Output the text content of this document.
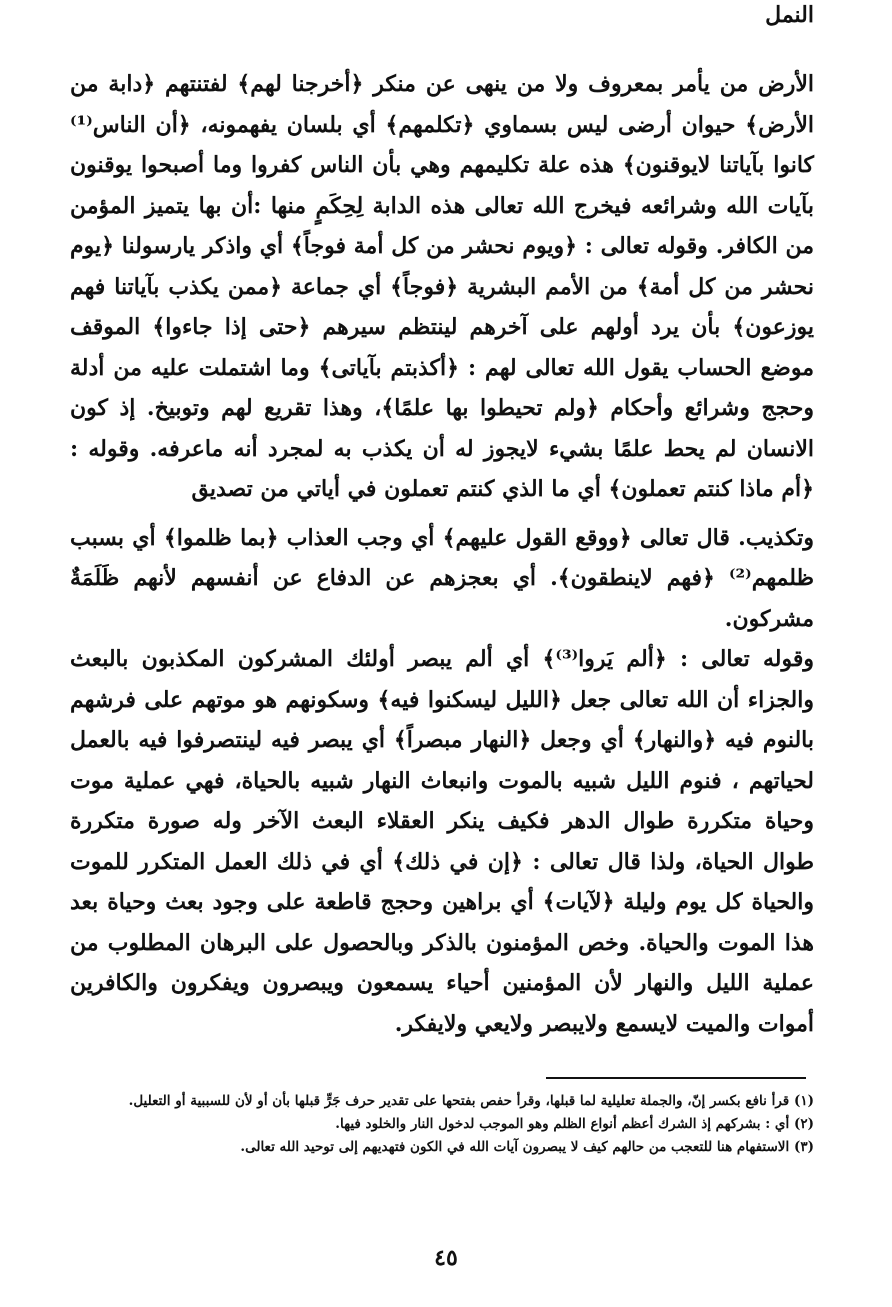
النمل

الأرض من يأمر بمعروف ولا من ينهى عن منكر ﴿أخرجنا لهم﴾ لفتنتهم ﴿دابة من الأرض﴾ حيوان أرضى ليس بسماوي ﴿تكلمهم﴾ أي بلسان يفهمونه، ﴿أن الناس⁽¹⁾ كانوا بآياتنا لايوقنون﴾ هذه علة تكليمهم وهي بأن الناس كفروا وما أصبحوا يوقنون بآيات الله وشرائعه فيخرج الله تعالى هذه الدابة لِحِكَمٍ منها :أن بها يتميز المؤمن من الكافر. وقوله تعالى : ﴿ويوم نحشر من كل أمة فوجاً﴾ أي واذكر يارسولنا ﴿يوم نحشر من كل أمة﴾ من الأمم البشرية ﴿فوجاً﴾ أي جماعة ﴿ممن يكذب بآياتنا فهم يوزعون﴾ بأن يرد أولهم على آخرهم لينتظم سيرهم ﴿حتى إذا جاءوا﴾ الموقف موضع الحساب يقول الله تعالى لهم : ﴿أكذبتم بآياتى﴾ وما اشتملت عليه من أدلة وحجج وشرائع وأحكام ﴿ولم تحيطوا بها علمًا﴾، وهذا تقريع لهم وتوبيخ. إذ كون الانسان لم يحط علمًا بشيء لايجوز له أن يكذب به لمجرد أنه ماعرفه. وقوله : ﴿أم ماذا كنتم تعملون﴾ أي ما الذي كنتم تعملون في أياتي من تصديق

وتكذيب. قال تعالى ﴿ووقع القول عليهم﴾ أي وجب العذاب ﴿بما ظلموا﴾ أي بسبب ظلمهم⁽²⁾ ﴿فهم لاينطقون﴾. أي بعجزهم عن الدفاع عن أنفسهم لأنهم ظَلَمَةٌ مشركون.

وقوله تعالى : ﴿ألم يَروا⁽³⁾﴾ أي ألم يبصر أولئك المشركون المكذبون بالبعث والجزاء أن الله تعالى جعل ﴿الليل ليسكنوا فيه﴾ وسكونهم هو موتهم على فرشهم بالنوم فيه ﴿والنهار﴾ أي وجعل ﴿النهار مبصراً﴾ أي يبصر فيه لينتصرفوا فيه بالعمل لحياتهم ، فنوم الليل شبيه بالموت وانبعاث النهار شبيه بالحياة، فهي عملية موت وحياة متكررة طوال الدهر فكيف ينكر العقلاء البعث الآخر وله صورة متكررة طوال الحياة، ولذا قال تعالى : ﴿إن في ذلك﴾ أي في ذلك العمل المتكرر للموت والحياة كل يوم وليلة ﴿لآيات﴾ أي براهين وحجج قاطعة على وجود بعث وحياة بعد هذا الموت والحياة. وخص المؤمنون بالذكر وبالحصول على البرهان المطلوب من عملية الليل والنهار لأن المؤمنين أحياء يسمعون ويبصرون ويفكرون والكافرين أموات والميت لايسمع ولايبصر ولايعي ولايفكر.

(١) قرأ نافع بكسر إنّ، والجملة تعليلية لما قبلها، وقرأ حفص بفتحها على تقدير حرف جَرٍّ قبلها بأن أو لأن للسببية أو التعليل.
(٢) أي : بشركهم إذ الشرك أعظم أنواع الظلم وهو الموجب لدخول النار والخلود فيها.
(٣) الاستفهام هنا للتعجب من حالهم كيف لا يبصرون آيات الله في الكون فتهديهم إلى توحيد الله تعالى.
٤٥
